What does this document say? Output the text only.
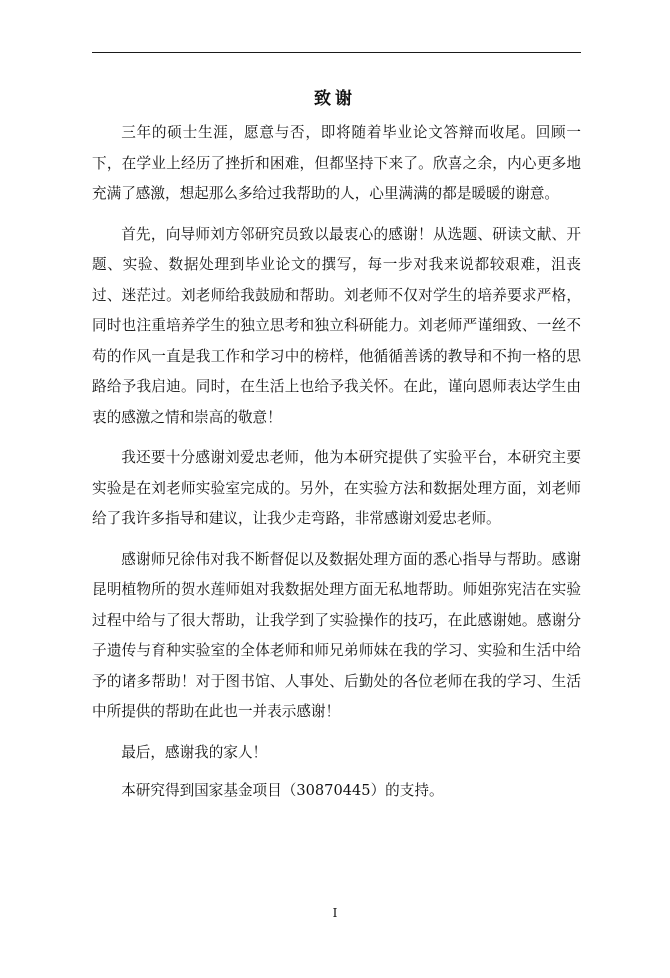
致谢

三年的硕士生涯，愿意与否，即将随着毕业论文答辩而收尾。回顾一下，在学业上经历了挫折和困难，但都坚持下来了。欣喜之余，内心更多地充满了感激，想起那么多给过我帮助的人，心里满满的都是暖暖的谢意。

首先，向导师刘方邻研究员致以最衷心的感谢！从选题、研读文献、开题、实验、数据处理到毕业论文的撰写，每一步对我来说都较艰难，沮丧过、迷茫过。刘老师给我鼓励和帮助。刘老师不仅对学生的培养要求严格，同时也注重培养学生的独立思考和独立科研能力。刘老师严谨细致、一丝不苟的作风一直是我工作和学习中的榜样，他循循善诱的教导和不拘一格的思路给予我启迪。同时，在生活上也给予我关怀。在此，谨向恩师表达学生由衷的感激之情和崇高的敬意！

我还要十分感谢刘爱忠老师，他为本研究提供了实验平台，本研究主要实验是在刘老师实验室完成的。另外，在实验方法和数据处理方面，刘老师给了我许多指导和建议，让我少走弯路，非常感谢刘爱忠老师。

感谢师兄徐伟对我不断督促以及数据处理方面的悉心指导与帮助。感谢昆明植物所的贺水莲师姐对我数据处理方面无私地帮助。师姐弥宪洁在实验过程中给与了很大帮助，让我学到了实验操作的技巧，在此感谢她。感谢分子遗传与育种实验室的全体老师和师兄弟师妹在我的学习、实验和生活中给予的诸多帮助！对于图书馆、人事处、后勤处的各位老师在我的学习、生活中所提供的帮助在此也一并表示感谢！

最后，感谢我的家人！

本研究得到国家基金项目（30870445）的支持。

I
